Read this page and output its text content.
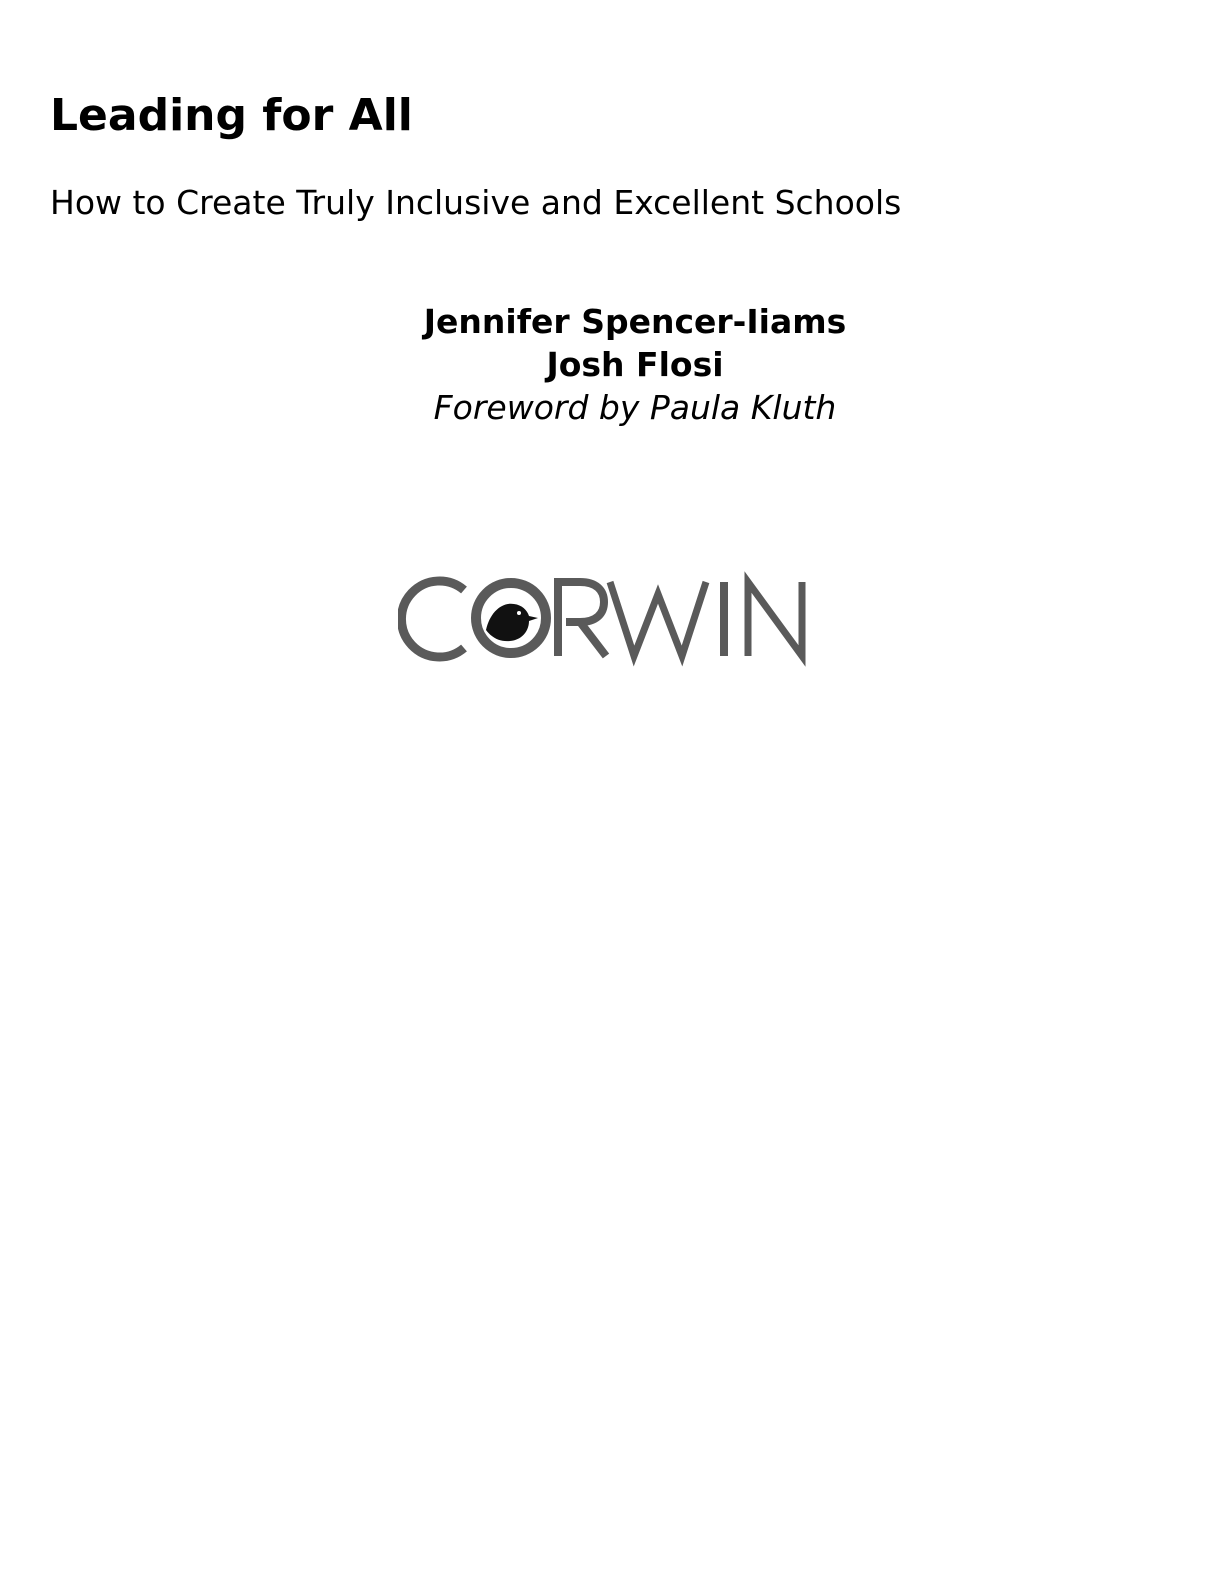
Leading for All
How to Create Truly Inclusive and Excellent Schools
Jennifer Spencer-Iiams
Josh Flosi
Foreword by Paula Kluth
